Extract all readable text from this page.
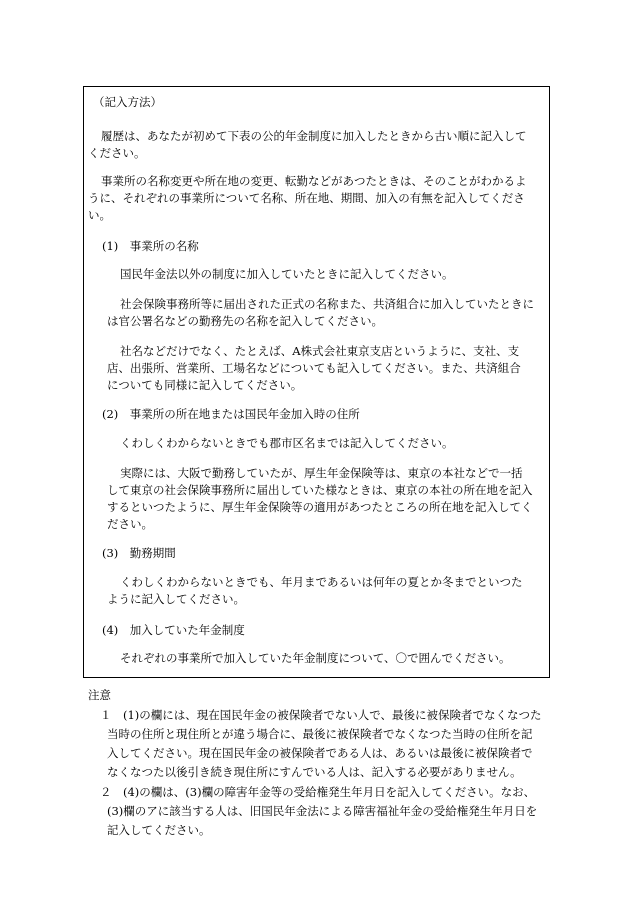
（記入方法）
履歴は、あなたが初めて下表の公的年金制度に加入したときから古い順に記入して
ください。
事業所の名称変更や所在地の変更、転勤などがあつたときは、そのことがわかるよ
うに、それぞれの事業所について名称、所在地、期間、加入の有無を記入してくださ
い。
(1)　事業所の名称
国民年金法以外の制度に加入していたときに記入してください。
社会保険事務所等に届出された正式の名称また、共済組合に加入していたときに
は官公署名などの勤務先の名称を記入してください。
社名などだけでなく、たとえば、A株式会社東京支店というように、支社、支
店、出張所、営業所、工場名などについても記入してください。また、共済組合
についても同様に記入してください。
(2)　事業所の所在地または国民年金加入時の住所
くわしくわからないときでも郡市区名までは記入してください。
実際には、大阪で勤務していたが、厚生年金保険等は、東京の本社などで一括
して東京の社会保険事務所に届出していた様なときは、東京の本社の所在地を記入
するといつたように、厚生年金保険等の適用があつたところの所在地を記入してく
ださい。
(3)　勤務期間
くわしくわからないときでも、年月まであるいは何年の夏とか冬までといつた
ように記入してください。
(4)　加入していた年金制度
それぞれの事業所で加入していた年金制度について、〇で囲んでください。
注意
１　(1)の欄には、現在国民年金の被保険者でない人で、最後に被保険者でなくなつた
当時の住所と現住所とが違う場合に、最後に被保険者でなくなつた当時の住所を記
入してください。現在国民年金の被保険者である人は、あるいは最後に被保険者で
なくなつた以後引き続き現住所にすんでいる人は、記入する必要がありません。
２　(4)の欄は、(3)欄の障害年金等の受給権発生年月日を記入してください。なお、
(3)欄のアに該当する人は、旧国民年金法による障害福祉年金の受給権発生年月日を
記入してください。
